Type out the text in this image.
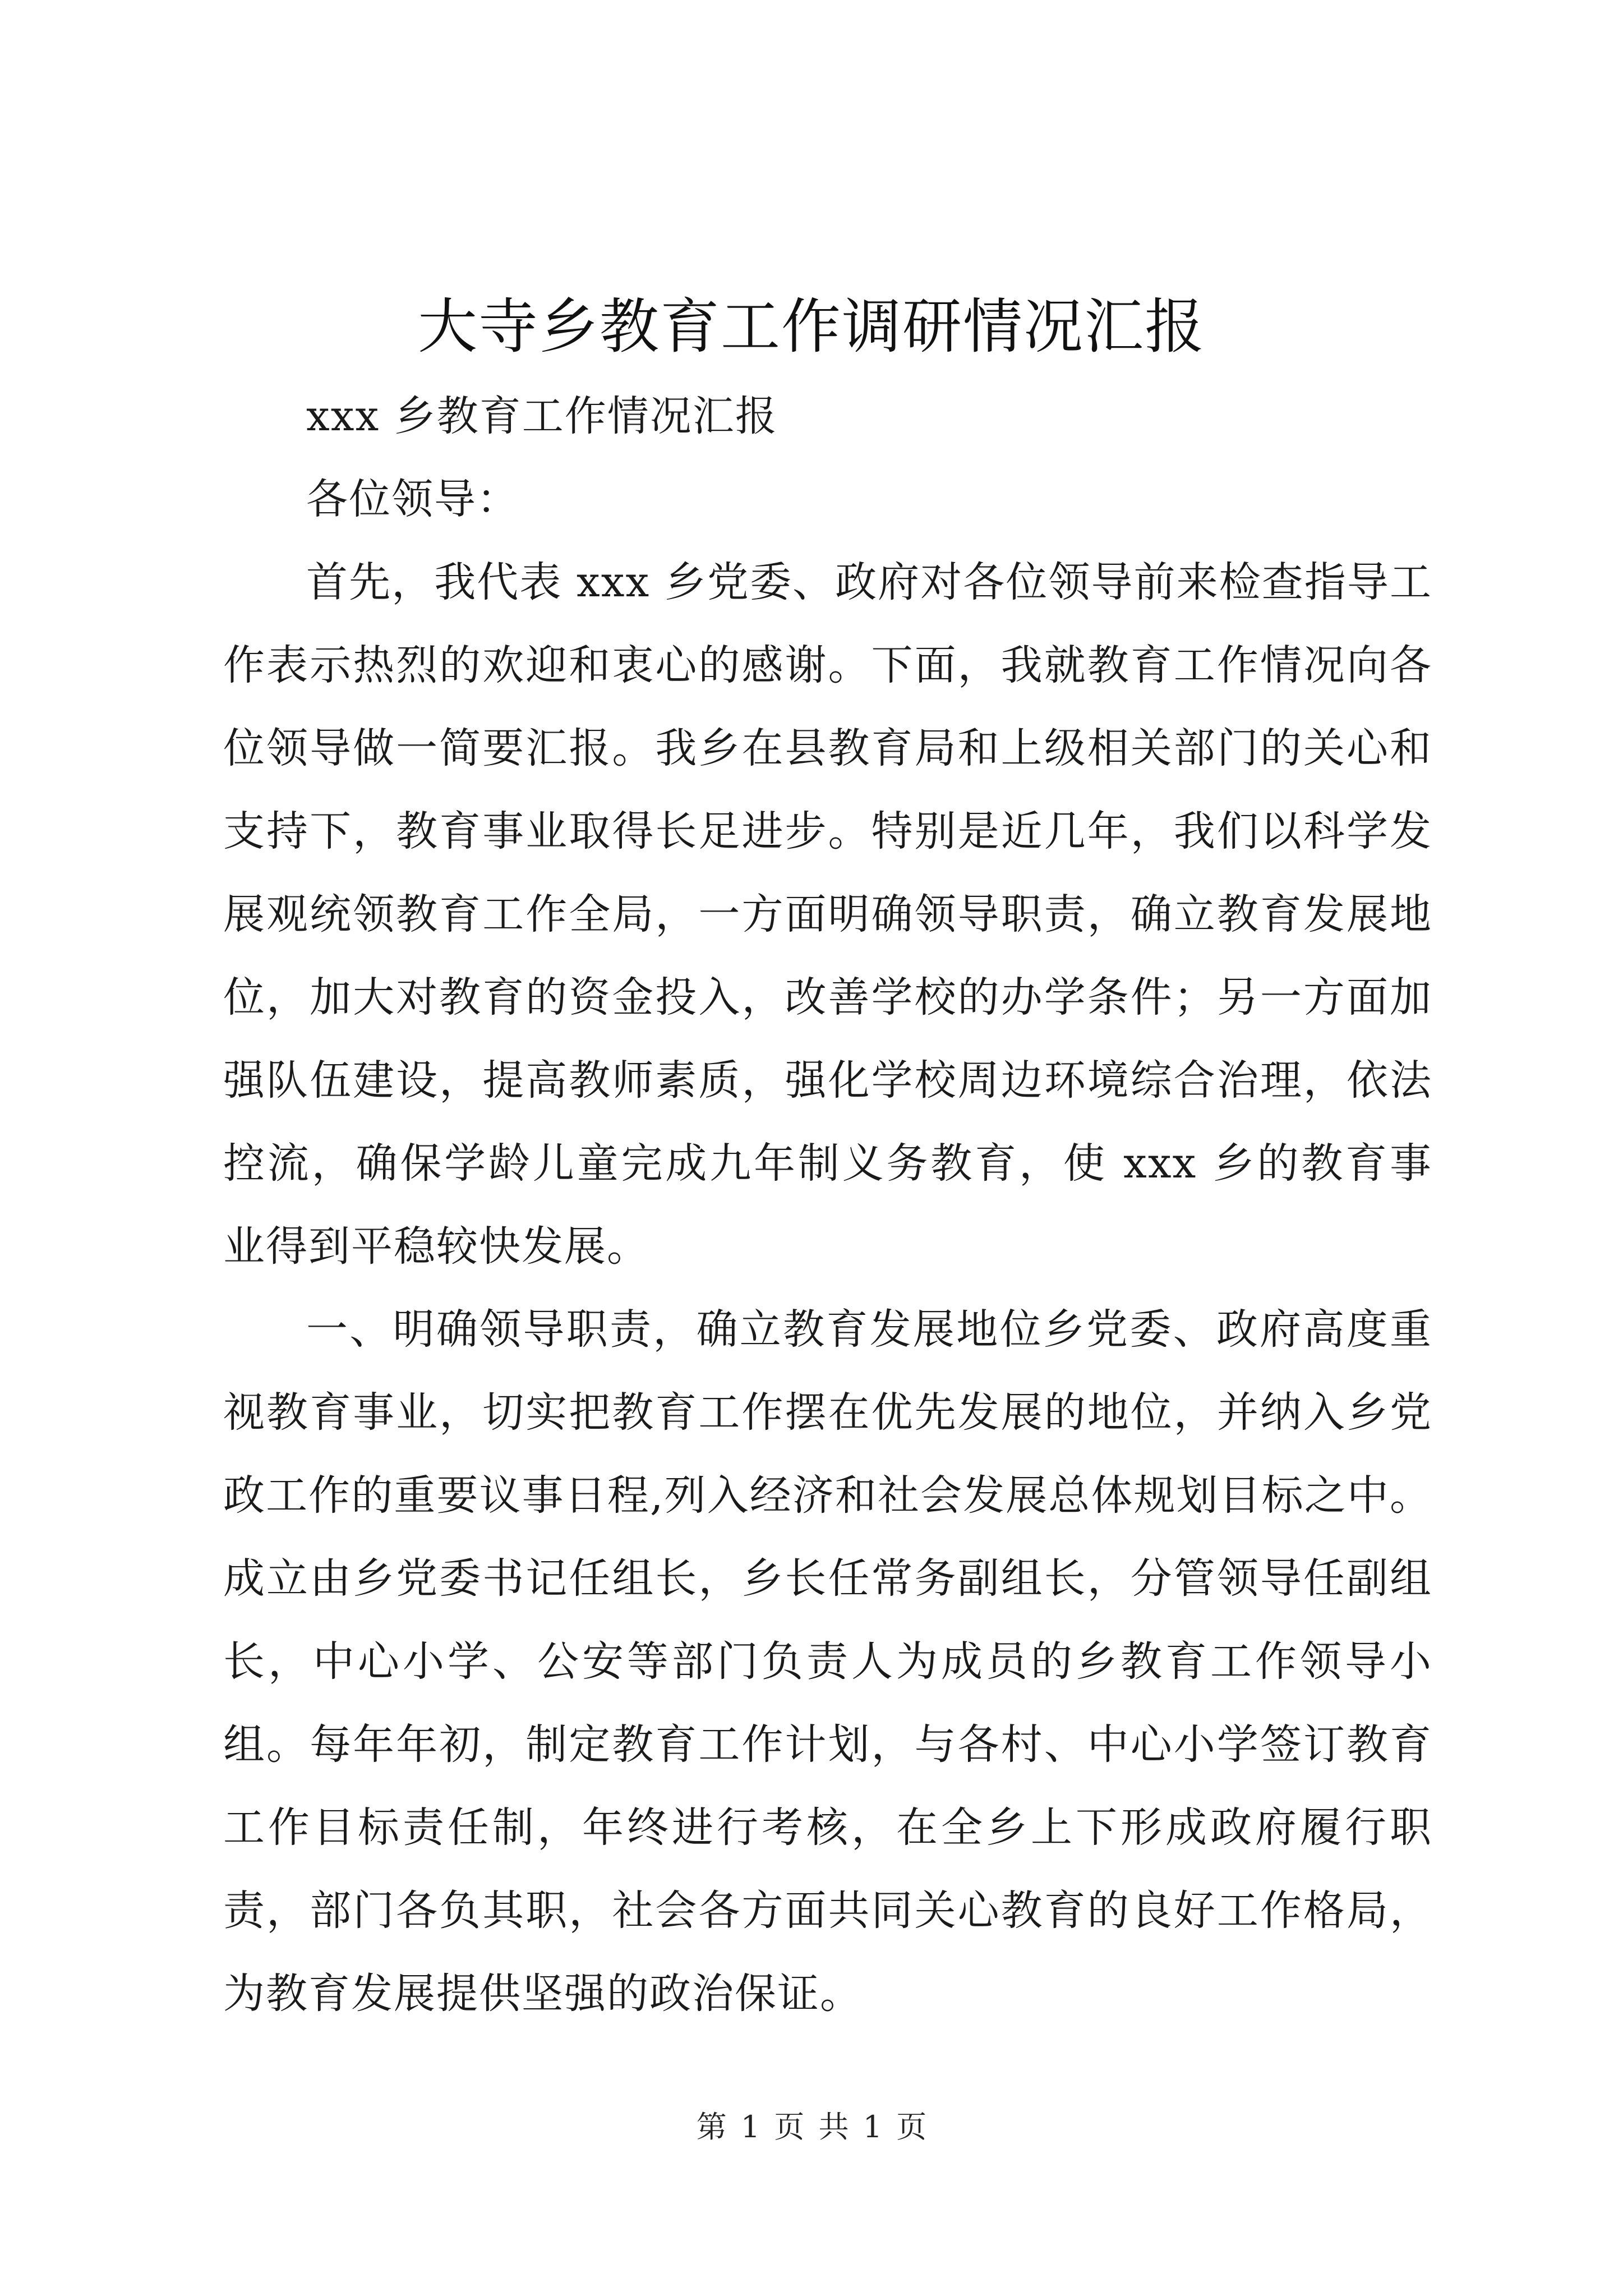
大寺乡教育工作调研情况汇报

xxx 乡教育工作情况汇报

各位领导：

首先，我代表 xxx 乡党委、政府对各位领导前来检查指导工作表示热烈的欢迎和衷心的感谢。下面，我就教育工作情况向各位领导做一简要汇报。我乡在县教育局和上级相关部门的关心和支持下，教育事业取得长足进步。特别是近几年，我们以科学发展观统领教育工作全局，一方面明确领导职责，确立教育发展地位，加大对教育的资金投入，改善学校的办学条件；另一方面加强队伍建设，提高教师素质，强化学校周边环境综合治理，依法控流，确保学龄儿童完成九年制义务教育，使 xxx 乡的教育事业得到平稳较快发展。

一、明确领导职责，确立教育发展地位乡党委、政府高度重视教育事业，切实把教育工作摆在优先发展的地位，并纳入乡党政工作的重要议事日程,列入经济和社会发展总体规划目标之中。成立由乡党委书记任组长，乡长任常务副组长，分管领导任副组长，中心小学、公安等部门负责人为成员的乡教育工作领导小组。每年年初，制定教育工作计划，与各村、中心小学签订教育工作目标责任制，年终进行考核，在全乡上下形成政府履行职责，部门各负其职，社会各方面共同关心教育的良好工作格局，为教育发展提供坚强的政治保证。

第 1 页 共 1 页
